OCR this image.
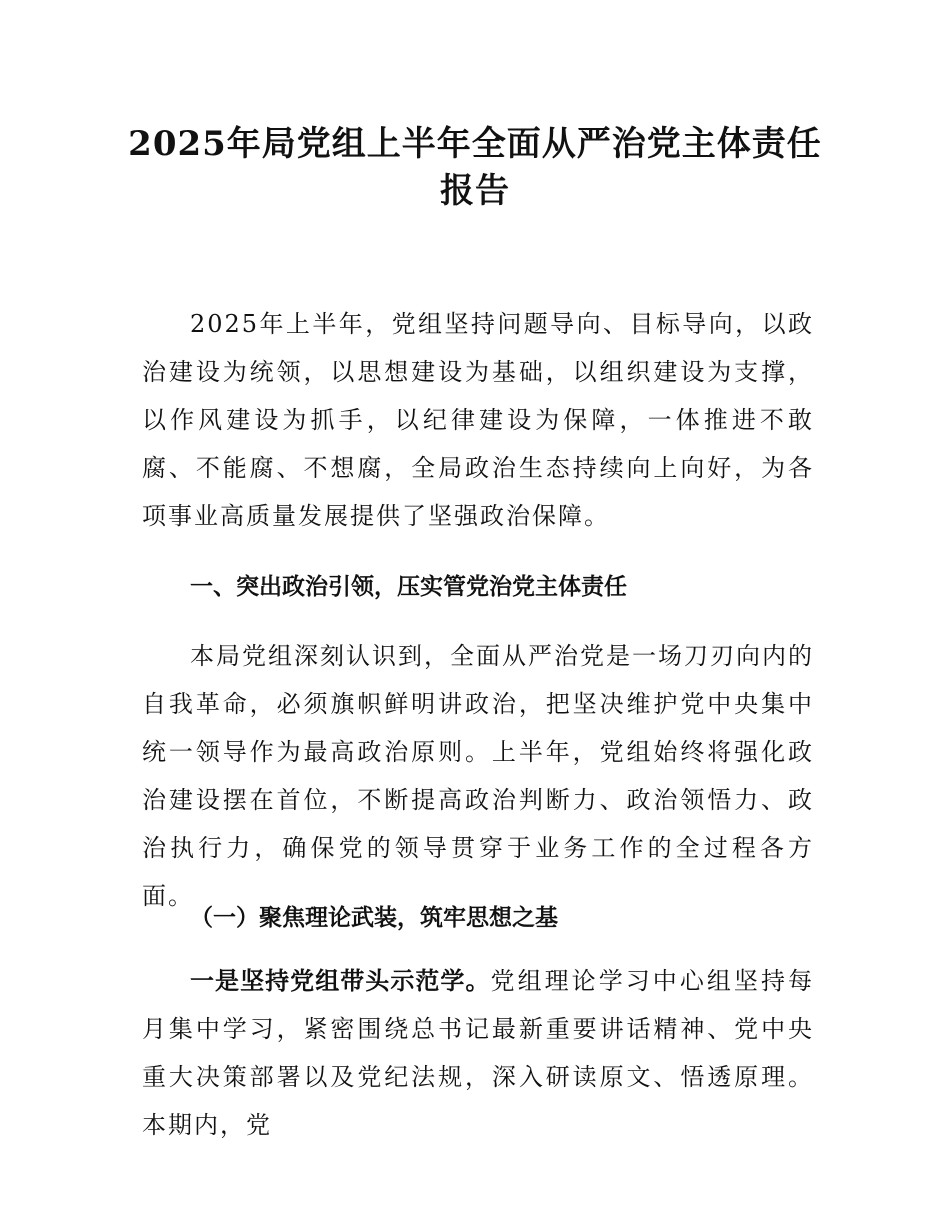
2025年局党组上半年全面从严治党主体责任
报告

2025年上半年，党组坚持问题导向、目标导向，以政治建设为统领，以思想建设为基础，以组织建设为支撑，以作风建设为抓手，以纪律建设为保障，一体推进不敢腐、不能腐、不想腐，全局政治生态持续向上向好，为各项事业高质量发展提供了坚强政治保障。

一、突出政治引领，压实管党治党主体责任

本局党组深刻认识到，全面从严治党是一场刀刃向内的自我革命，必须旗帜鲜明讲政治，把坚决维护党中央集中统一领导作为最高政治原则。上半年，党组始终将强化政治建设摆在首位，不断提高政治判断力、政治领悟力、政治执行力，确保党的领导贯穿于业务工作的全过程各方面。

（一）聚焦理论武装，筑牢思想之基

一是坚持党组带头示范学。党组理论学习中心组坚持每月集中学习，紧密围绕总书记最新重要讲话精神、党中央重大决策部署以及党纪法规，深入研读原文、悟透原理。本期内，党
